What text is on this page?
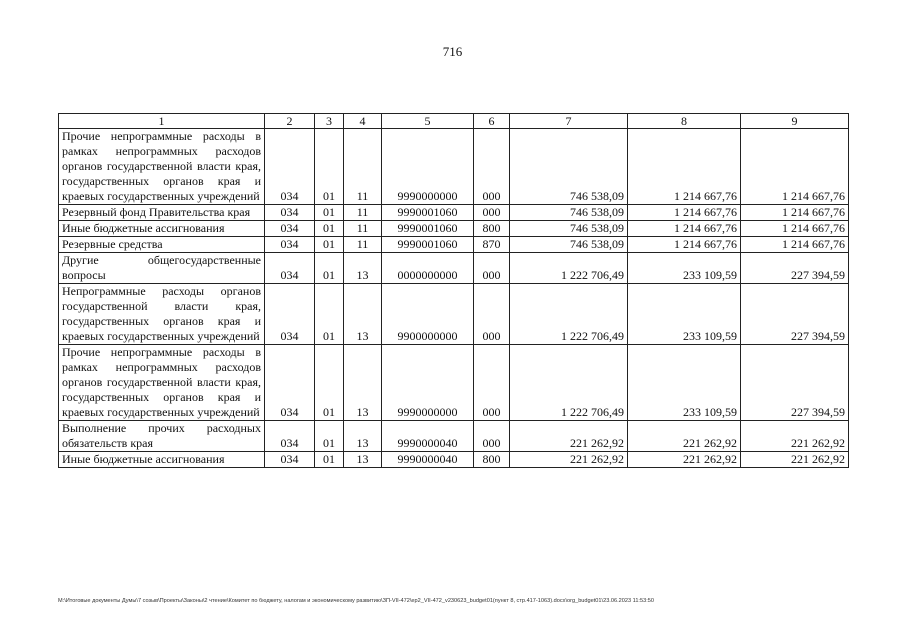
716
1	2	3	4	5	6	7	8	9
Прочие непрограммные расходы в рамках непрограммных расходов органов государственной власти края, государственных органов края и краевых государственных учреждений	034	01	11	9990000000	000	746 538,09	1 214 667,76	1 214 667,76
Резервный фонд Правительства края	034	01	11	9990001060	000	746 538,09	1 214 667,76	1 214 667,76
Иные бюджетные ассигнования	034	01	11	9990001060	800	746 538,09	1 214 667,76	1 214 667,76
Резервные средства	034	01	11	9990001060	870	746 538,09	1 214 667,76	1 214 667,76
Другие общегосударственные вопросы	034	01	13	0000000000	000	1 222 706,49	233 109,59	227 394,59
Непрограммные расходы органов государственной власти края, государственных органов края и краевых государственных учреждений	034	01	13	9900000000	000	1 222 706,49	233 109,59	227 394,59
Прочие непрограммные расходы в рамках непрограммных расходов органов государственной власти края, государственных органов края и краевых государственных учреждений	034	01	13	9990000000	000	1 222 706,49	233 109,59	227 394,59
Выполнение прочих расходных обязательств края	034	01	13	9990000040	000	221 262,92	221 262,92	221 262,92
Иные бюджетные ассигнования	034	01	13	9990000040	800	221 262,92	221 262,92	221 262,92
M:\Итоговые документы Думы\7 созыв\Проекты\Законы\2 чтение\Комитет по бюджету, налогам и экономическому развитию\ЗП-VII-472\ер2_VII-472_v230623_budget01(пункт 8, стр.417-1063).docx\org_budget01\23.06.2023 11:53:50
